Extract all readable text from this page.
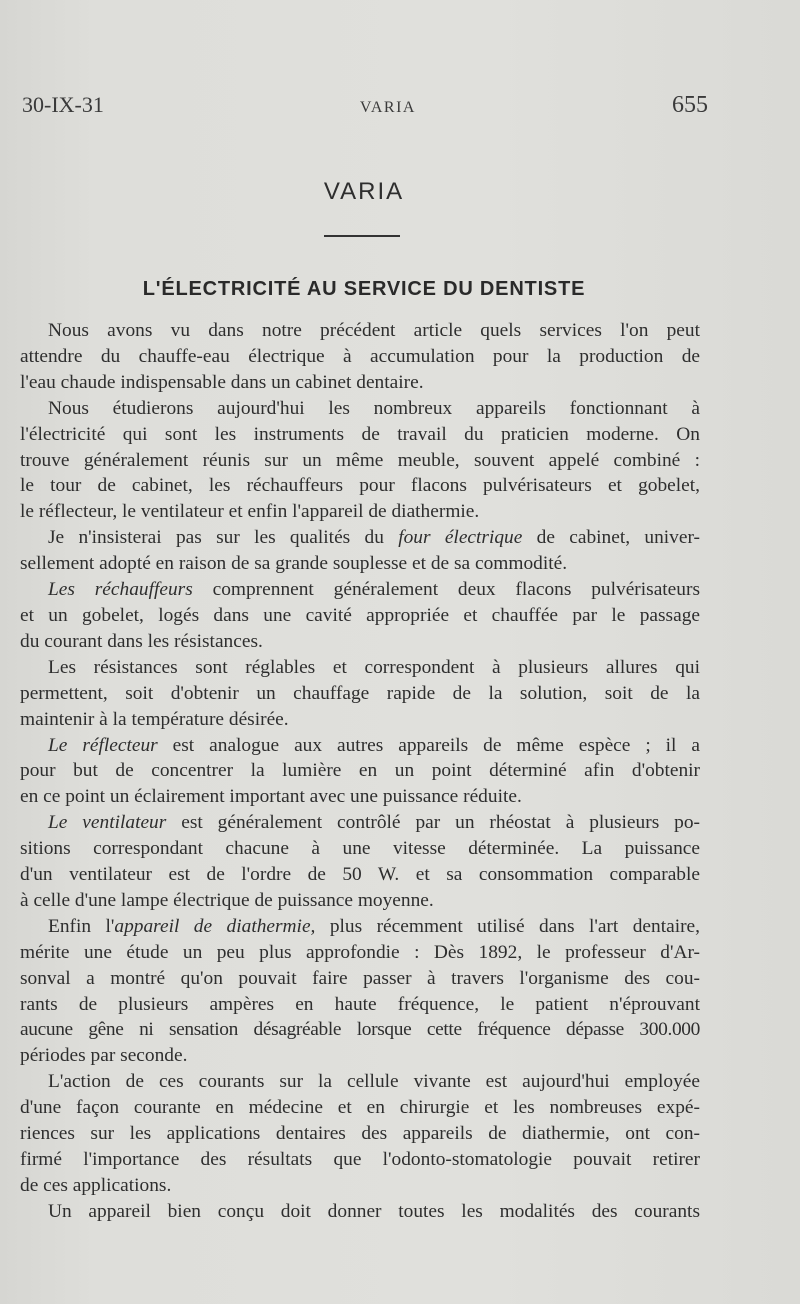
30-IX-31	VARIA	655
VARIA
L'ÉLECTRICITÉ AU SERVICE DU DENTISTE
Nous avons vu dans notre précédent article quels services l'on peut
attendre du chauffe-eau électrique à accumulation pour la production de
l'eau chaude indispensable dans un cabinet dentaire.
Nous étudierons aujourd'hui les nombreux appareils fonctionnant à
l'électricité qui sont les instruments de travail du praticien moderne. On
trouve généralement réunis sur un même meuble, souvent appelé combiné :
le tour de cabinet, les réchauffeurs pour flacons pulvérisateurs et gobelet,
le réflecteur, le ventilateur et enfin l'appareil de diathermie.
Je n'insisterai pas sur les qualités du four électrique de cabinet, univer-
sellement adopté en raison de sa grande souplesse et de sa commodité.
Les réchauffeurs comprennent généralement deux flacons pulvérisateurs
et un gobelet, logés dans une cavité appropriée et chauffée par le passage
du courant dans les résistances.
Les résistances sont réglables et correspondent à plusieurs allures qui
permettent, soit d'obtenir un chauffage rapide de la solution, soit de la
maintenir à la température désirée.
Le réflecteur est analogue aux autres appareils de même espèce ; il a
pour but de concentrer la lumière en un point déterminé afin d'obtenir
en ce point un éclairement important avec une puissance réduite.
Le ventilateur est généralement contrôlé par un rhéostat à plusieurs po-
sitions correspondant chacune à une vitesse déterminée. La puissance
d'un ventilateur est de l'ordre de 50 W. et sa consommation comparable
à celle d'une lampe électrique de puissance moyenne.
Enfin l'appareil de diathermie, plus récemment utilisé dans l'art dentaire,
mérite une étude un peu plus approfondie : Dès 1892, le professeur d'Ar-
sonval a montré qu'on pouvait faire passer à travers l'organisme des cou-
rants de plusieurs ampères en haute fréquence, le patient n'éprouvant
aucune gêne ni sensation désagréable lorsque cette fréquence dépasse 300.000
périodes par seconde.
L'action de ces courants sur la cellule vivante est aujourd'hui employée
d'une façon courante en médecine et en chirurgie et les nombreuses expé-
riences sur les applications dentaires des appareils de diathermie, ont con-
firmé l'importance des résultats que l'odonto-stomatologie pouvait retirer
de ces applications.
Un appareil bien conçu doit donner toutes les modalités des courants
